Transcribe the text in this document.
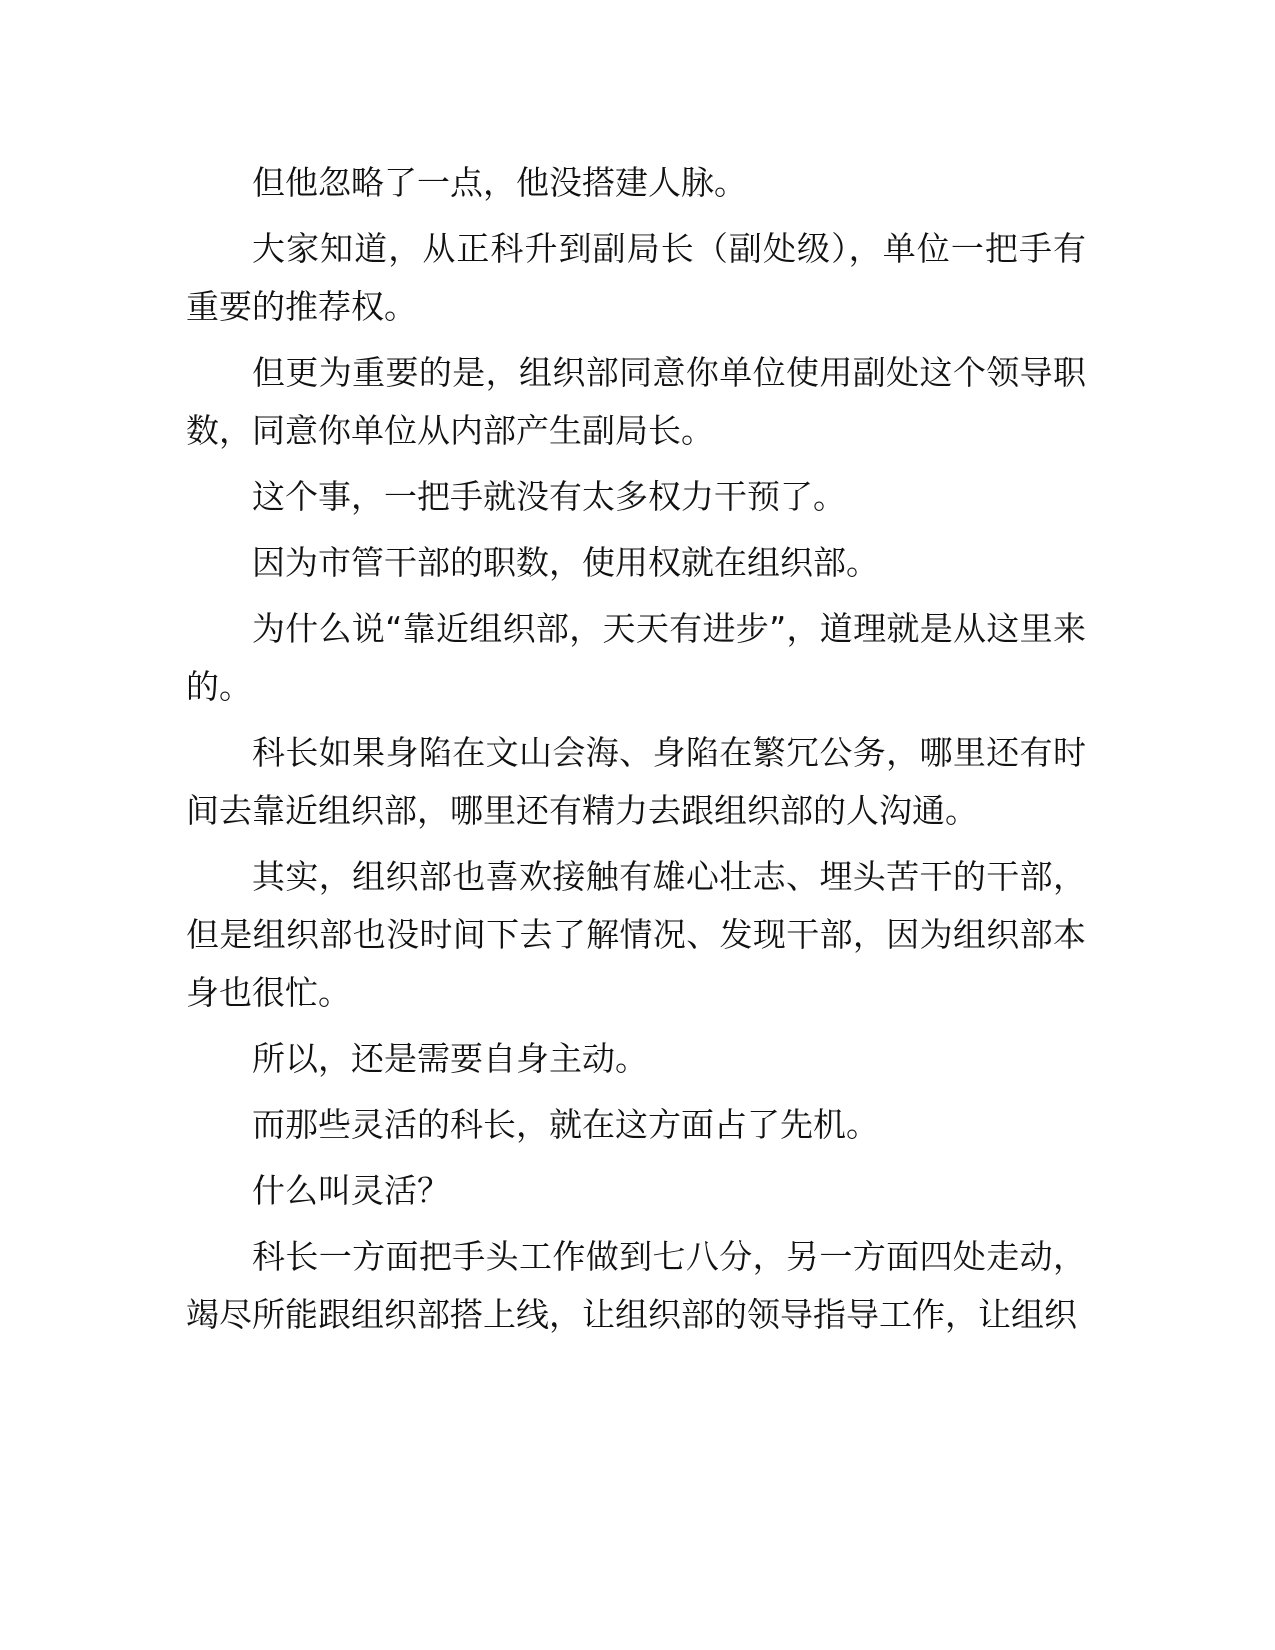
但他忽略了一点，他没搭建人脉。

大家知道，从正科升到副局长（副处级），单位一把手有重要的推荐权。

但更为重要的是，组织部同意你单位使用副处这个领导职数，同意你单位从内部产生副局长。

这个事，一把手就没有太多权力干预了。

因为市管干部的职数，使用权就在组织部。

为什么说“靠近组织部，天天有进步”，道理就是从这里来的。

科长如果身陷在文山会海、身陷在繁冗公务，哪里还有时间去靠近组织部，哪里还有精力去跟组织部的人沟通。

其实，组织部也喜欢接触有雄心壮志、埋头苦干的干部，但是组织部也没时间下去了解情况、发现干部，因为组织部本身也很忙。

所以，还是需要自身主动。

而那些灵活的科长，就在这方面占了先机。

什么叫灵活？

科长一方面把手头工作做到七八分，另一方面四处走动，竭尽所能跟组织部搭上线，让组织部的领导指导工作，让组织
